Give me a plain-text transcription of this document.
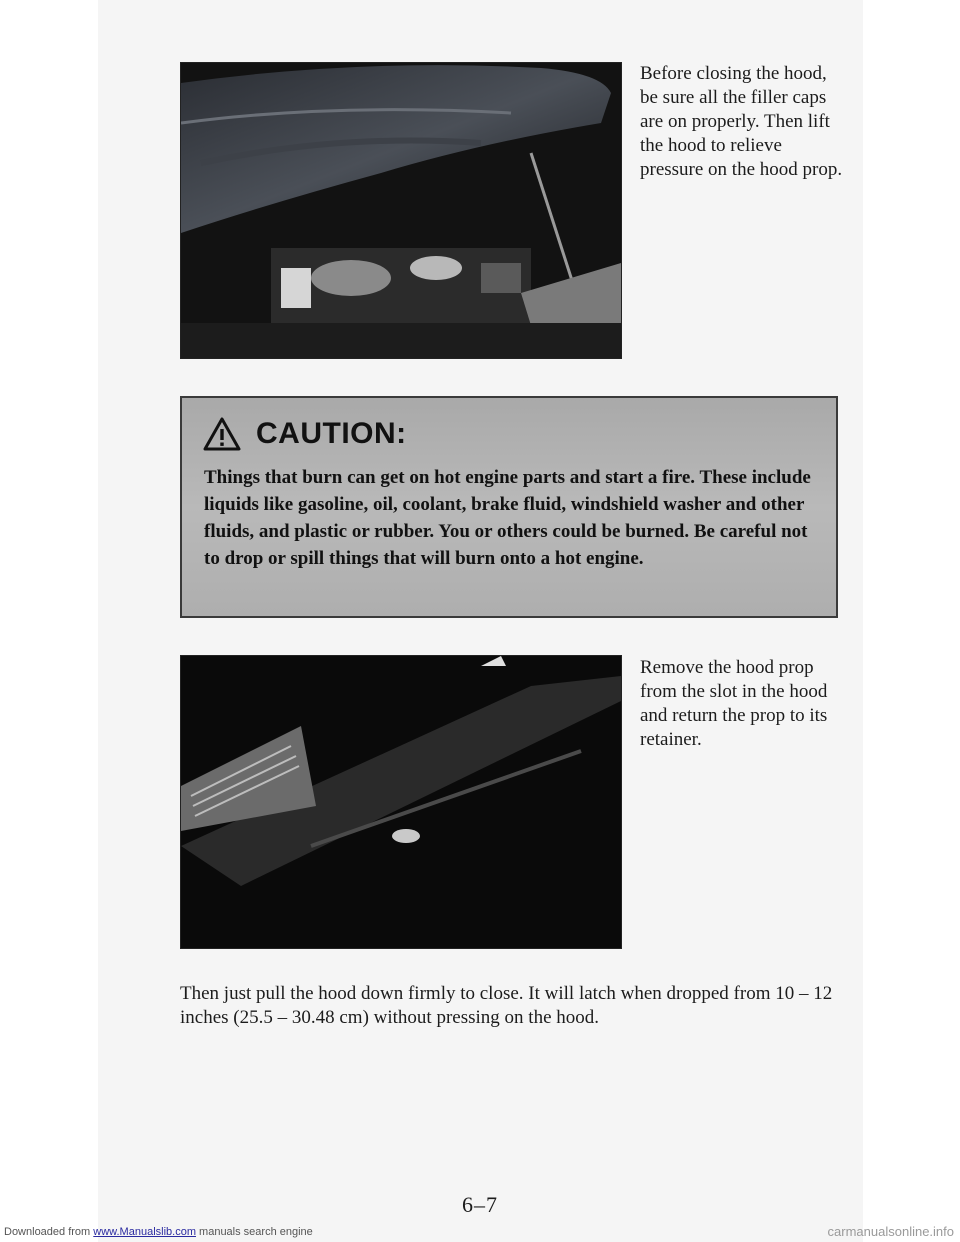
Before closing the hood, be sure all the filler caps are on properly. Then lift the hood to relieve pressure on the hood prop.
CAUTION:
Things that burn can get on hot engine parts and start a fire. These include liquids like gasoline, oil, coolant, brake fluid, windshield washer and other fluids, and plastic or rubber. You or others could be burned. Be careful not to drop or spill things that will burn onto a hot engine.
Remove the hood prop from the slot in the hood and return the prop to its retainer.
Then just pull the hood down firmly to close. It will latch when dropped from 10 – 12 inches (25.5 – 30.48 cm) without pressing on the hood.
6–7
Downloaded from www.Manualslib.com manuals search engine	carmanualsonline.info
